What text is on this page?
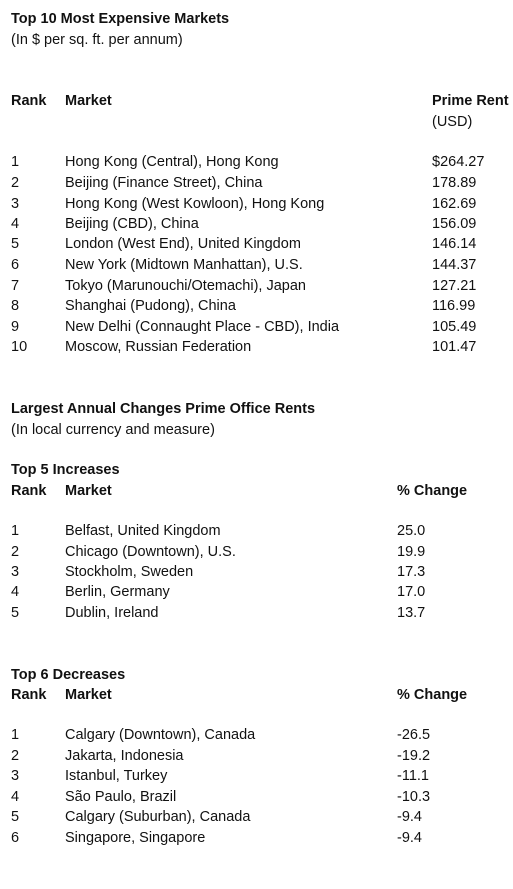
Top 10 Most Expensive Markets
(In $ per sq. ft. per annum)
Rank Market	Prime Rent
(USD)
1	Hong Kong (Central), Hong Kong	$264.27
2	Beijing (Finance Street), China	178.89
3	Hong Kong (West Kowloon), Hong Kong	162.69
4	Beijing (CBD), China	156.09
5	London (West End), United Kingdom	146.14
6	New York (Midtown Manhattan), U.S.	144.37
7	Tokyo (Marunouchi/Otemachi), Japan	127.21
8	Shanghai (Pudong), China	116.99
9	New Delhi (Connaught Place - CBD), India	105.49
10	Moscow, Russian Federation	101.47
Largest Annual Changes Prime Office Rents
(In local currency and measure)
Top 5 Increases
Rank Market	% Change
1	Belfast, United Kingdom	25.0
2	Chicago (Downtown), U.S.	19.9
3	Stockholm, Sweden	17.3
4	Berlin, Germany	17.0
5	Dublin, Ireland	13.7
Top 6 Decreases
Rank Market	% Change
1	Calgary (Downtown), Canada	-26.5
2	Jakarta, Indonesia	-19.2
3	Istanbul, Turkey	-11.1
4	São Paulo, Brazil	-10.3
5	Calgary (Suburban), Canada	-9.4
6	Singapore, Singapore	-9.4
